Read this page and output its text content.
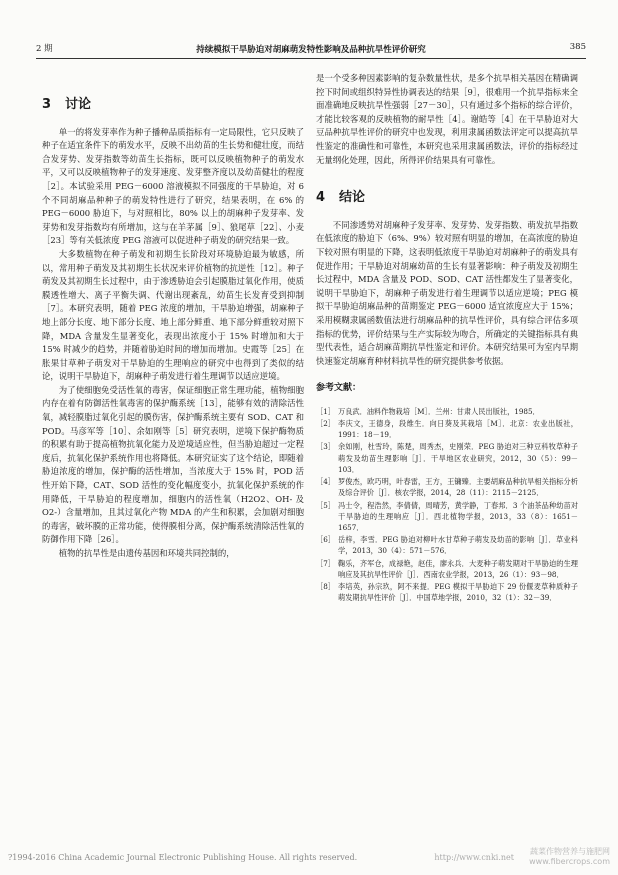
2 期	持续模拟干旱胁迫对胡麻萌发特性影响及品种抗旱性评价研究	385
3 讨论

单一的将发芽率作为种子播种品质指标有一定局限性，它只反映了种子在适宜条件下的萌发水平，反映不出幼苗的生长势和健壮度，而结合发芽势、发芽指数等幼苗生长指标，既可以反映植物种子的萌发水平，又可以反映植物种子的发芽速度、发芽整齐度以及幼苗健壮的程度［2］。本试验采用 PEG－6000 溶液模拟不同强度的干旱胁迫，对 6 个不同胡麻品种种子的萌发特性进行了研究，结果表明，在 6% 的 PEG－6000 胁迫下，与对照相比，80% 以上的胡麻种子发芽率、发芽势和发芽指数均有所增加，这与在羊茅属［9］、狼尾草［22］、小麦［23］等有关低浓度 PEG 溶液可以促进种子萌发的研究结果一致。

大多数植物在种子萌发和初期生长阶段对环境胁迫最为敏感，所以，常用种子萌发及其初期生长状况来评价植物的抗逆性［12］。种子萌发及其初期生长过程中，由于渗透胁迫会引起膜脂过氧化作用，使质膜透性增大、离子平衡失调、代谢出现紊乱，幼苗生长发育受到抑制［7］。本研究表明，随着 PEG 浓度的增加，干旱胁迫增强，胡麻种子地上部分长度、地下部分长度、地上部分鲜重、地下部分鲜重较对照下降，MDA 含量发生显著变化，表现出浓度小于 15% 时增加和大于 15% 时减少的趋势，并随着胁迫时间的增加而增加。史霞等［25］在胀果甘草种子萌发对干旱胁迫的生理响应的研究中也得到了类似的结论，说明干旱胁迫下，胡麻种子萌发进行着生理调节以适应逆境。

为了使细胞免受活性氧的毒害，保证细胞正常生理功能，植物细胞内存在着有防御活性氧毒害的保护酶系统［13］，能够有效的清除活性氧，减轻膜脂过氧化引起的膜伤害，保护酶系统主要有 SOD、CAT 和 POD。马彦军等［10］、余如刚等［5］研究表明，逆境下保护酶物质的积累有助于提高植物抗氧化能力及逆境适应性，但当胁迫超过一定程度后，抗氧化保护系统作用也将降低。本研究证实了这个结论，即随着胁迫浓度的增加，保护酶的活性增加，当浓度大于 15% 时，POD 活性开始下降，CAT、SOD 活性的变化幅度变小，抗氧化保护系统的作用降低，干旱胁迫的程度增加，细胞内的活性氧（H2O2、OH- 及 O2-）含量增加，且其过氧化产物 MDA 的产生和积累，会加剧对细胞的毒害，破坏膜的正常功能，使得膜相分离，保护酶系统清除活性氧的防御作用下降［26］。

植物的抗旱性是由遗传基因和环境共同控制的，

是一个受多种因素影响的复杂数量性状，是多个抗旱相关基因在精确调控下时间或组织特异性协调表达的结果［9］，很难用一个抗旱指标来全面准确地反映抗旱性强弱［27－30］，只有通过多个指标的综合评价，才能比较客观的反映植物的耐旱性［4］。谢皓等［4］在干旱胁迫对大豆品种抗旱性评价的研究中也发现，利用隶属函数法评定可以提高抗旱性鉴定的准确性和可靠性，本研究也采用隶属函数法，评价的指标经过无量纲化处理，因此，所得评价结果具有可靠性。

4 结论

不同渗透势对胡麻种子发芽率、发芽势、发芽指数、萌发抗旱指数在低浓度的胁迫下（6%、9%）较对照有明显的增加，在高浓度的胁迫下较对照有明显的下降，这表明低浓度干旱胁迫对胡麻种子的萌发具有促进作用；干旱胁迫对胡麻幼苗的生长有显著影响：种子萌发及初期生长过程中，MDA 含量及 POD、SOD、CAT 活性都发生了显著变化，说明干旱胁迫下，胡麻种子萌发进行着生理调节以适应逆境；PEG 模拟干旱胁迫胡麻品种的苗期鉴定 PEG－6000 适宜浓度应大于 15%；采用模糊隶属函数值法进行胡麻品种的抗旱性评价，具有综合评估多项指标的优势，评价结果与生产实际较为吻合，所确定的关键指标具有典型代表性，适合胡麻苗期抗旱性鉴定和评价。本研究结果可为室内早期快速鉴定胡麻育种材料抗旱性的研究提供参考依据。

参考文献：
［1］ 万良武．油料作物栽培［M］．兰州：甘肃人民出版社，1985．
［2］ 李庆文，王德身，段维生．向日葵及其栽培［M］．北京：农业出版社，1991：18－19．
［3］ 余如刚，杜雪玲，陈楚，周秀杰，史刚荣．PEG 胁迫对三种豆科牧草种子萌发及幼苗生理影响［J］．干旱地区农业研究，2012，30（5）：99－103．
［4］ 罗俊杰，欧巧明，叶春雷，王方，王镛臻．主要胡麻品种抗旱相关指标分析及综合评价［J］．核农学报，2014，28（11）：2115－2125．
［5］ 冯士令，程浩然，李倩倩，周晴芳，黄学静，丁春邦．3 个油茶品种幼苗对干旱胁迫的生理响应［J］．西北植物学报，2013，33（8）：1651－1657．
［6］ 岳梓，李雪．PEG 胁迫对柳叶水甘草种子萌发及幼苗的影响［J］．草业科学，2013，30（4）：571－576．
［7］ 鞠乐，齐军仓，成禄艳，赵佳，廖永兵．大麦种子萌发期对干旱胁迫的生理响应及其抗旱性评价［J］．西南农业学报，2013，26（1）：93－98．
［8］ 李培英，孙宗玖，阿不来提．PEG 模拟干旱胁迫下 29 份偃麦草种质种子萌发期抗旱性评价［J］．中国草地学报，2010，32（1）：32－39．
?1994-2016 China Academic Journal Electronic Publishing House. All rights reserved.	http://www.cnki.net
蔬菜作物营养与施肥网
www.fibercrops.com
